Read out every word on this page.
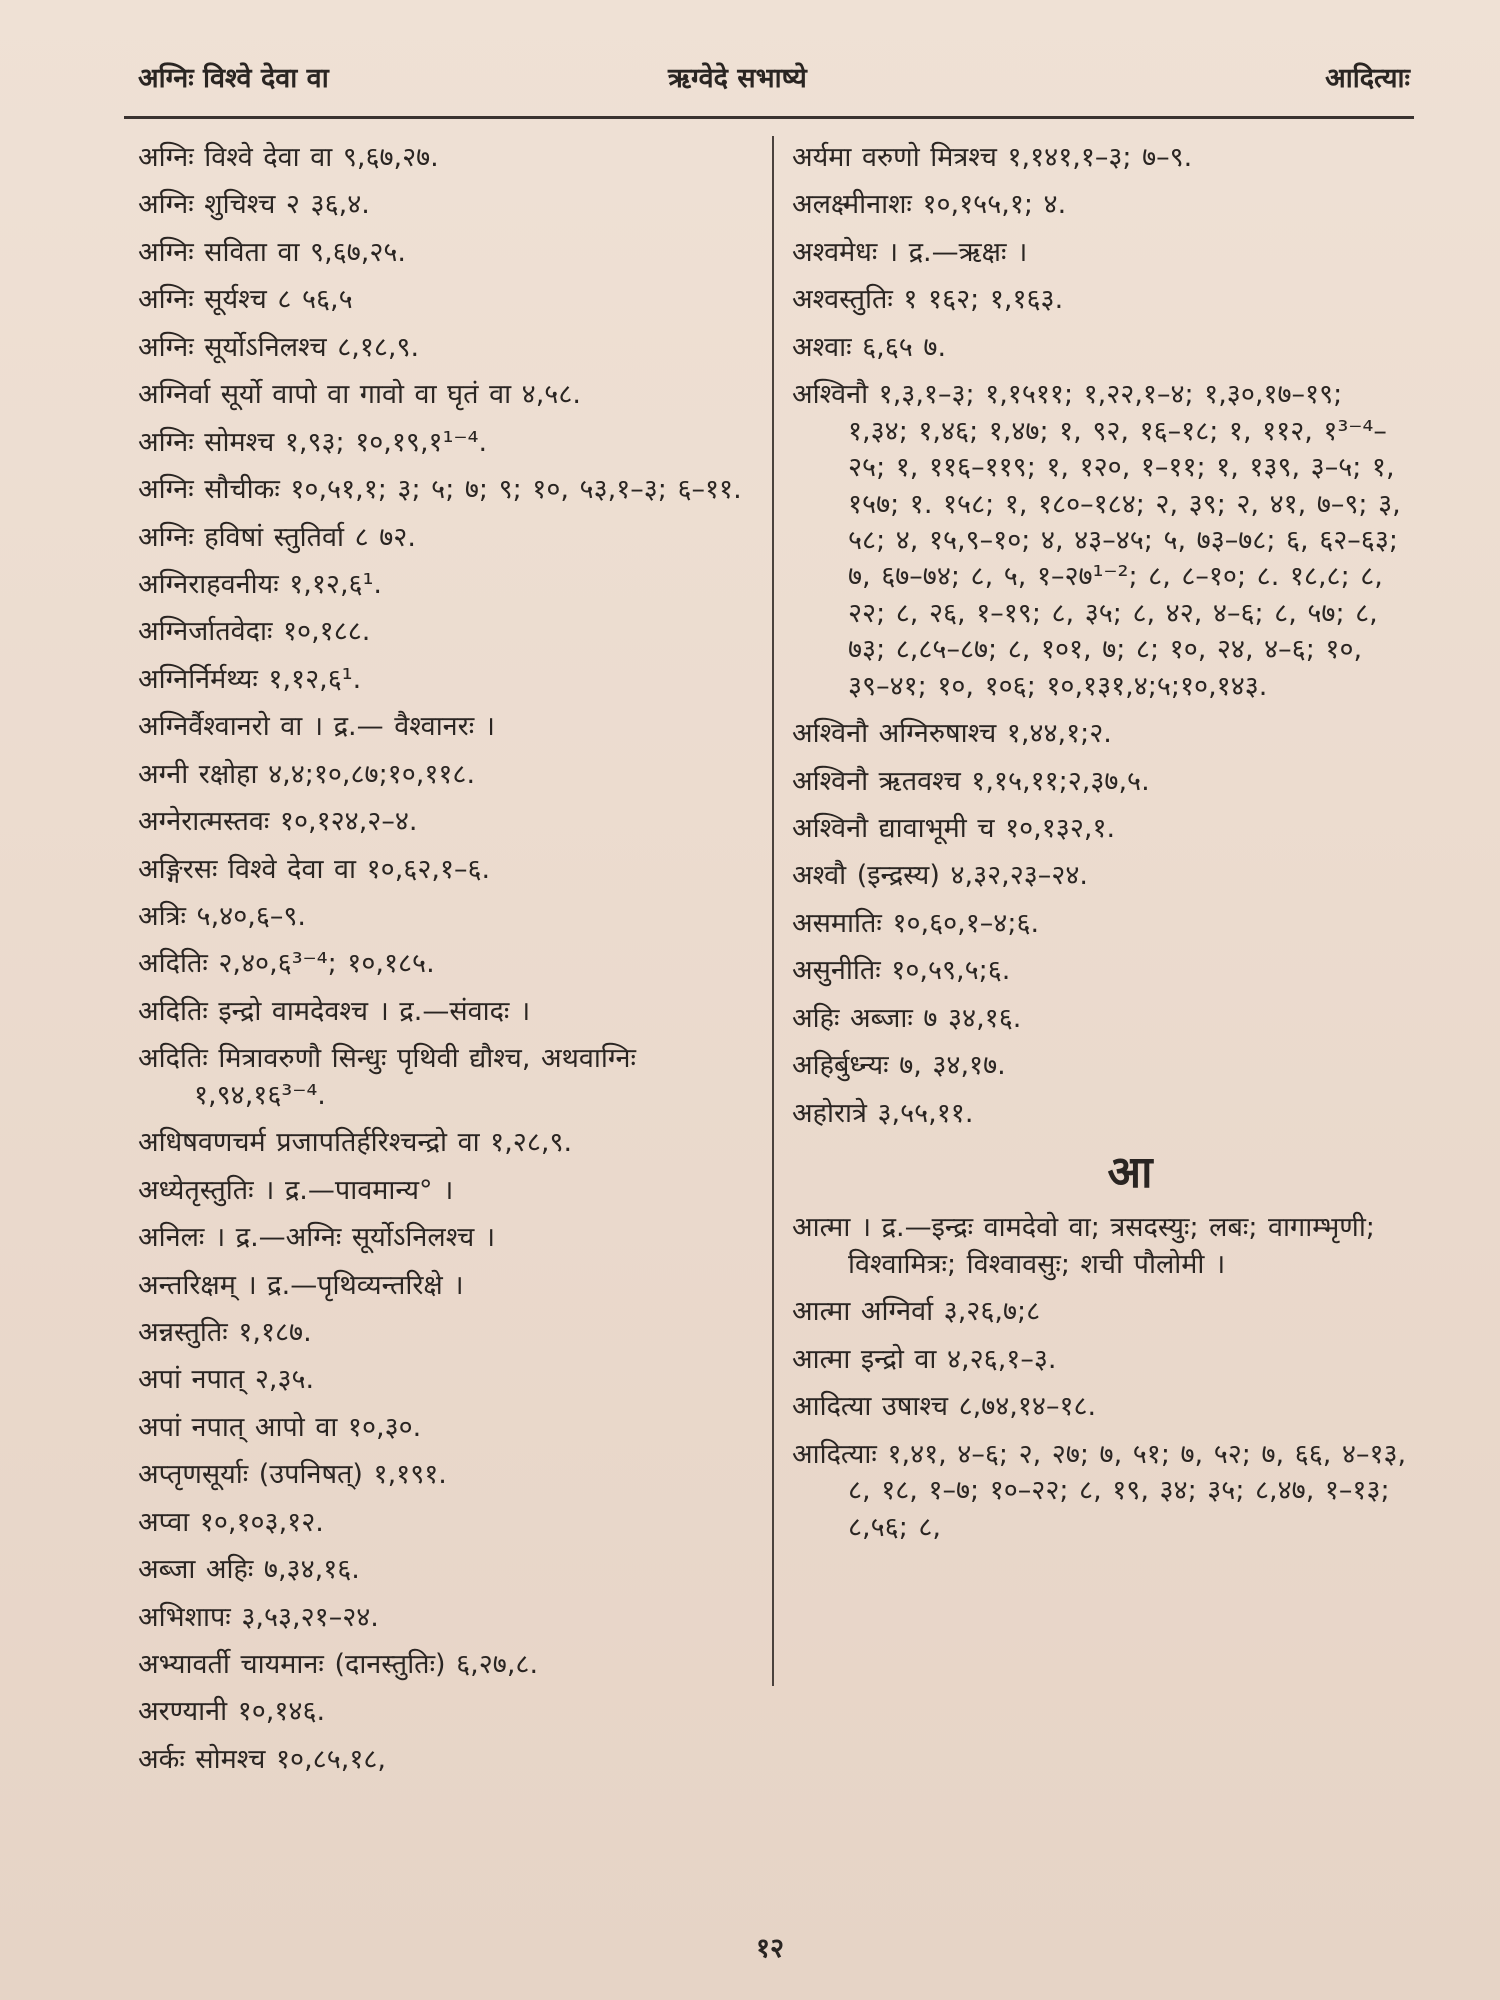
अग्निः विश्वे देवा वा	ऋग्वेदे सभाष्ये	आदित्याः
अग्निः विश्वे देवा वा ९,६७,२७.
अग्निः शुचिश्च २ ३६,४.
अग्निः सविता वा ९,६७,२५.
अग्निः सूर्यश्च ८ ५६,५
अग्निः सूर्योऽनिलश्च ८,१८,९.
अग्निर्वा सूर्यो वापो वा गावो वा घृतं वा ४,५८.
अग्निः सोमश्च १,९३; १०,१९,१¹⁻⁴.
अग्निः सौचीकः १०,५१,१; ३; ५; ७; ९; १०, ५३,१–३; ६–११.
अग्निः हविषां स्तुतिर्वा ८ ७२.
अग्निराहवनीयः १,१२,६¹.
अग्निर्जातवेदाः १०,१८८.
अग्निर्निर्मथ्यः १,१२,६¹.
अग्निर्वैश्वानरो वा । द्र.— वैश्वानरः ।
अग्नी रक्षोहा ४,४;१०,८७;१०,११८.
अग्नेरात्मस्तवः १०,१२४,२–४.
अङ्गिरसः विश्वे देवा वा १०,६२,१–६.
अत्रिः ५,४०,६–९.
अदितिः २,४०,६³⁻⁴; १०,१८५.
अदितिः इन्द्रो वामदेवश्च । द्र.—संवादः ।
अदितिः मित्रावरुणौ सिन्धुः पृथिवी द्यौश्च, अथवाग्निः १,९४,१६³⁻⁴.
अधिषवणचर्म प्रजापतिर्हरिश्चन्द्रो वा १,२८,९.
अध्येतृस्तुतिः । द्र.—पावमान्य° ।
अनिलः । द्र.—अग्निः सूर्योऽनिलश्च ।
अन्तरिक्षम् । द्र.—पृथिव्यन्तरिक्षे ।
अन्नस्तुतिः १,१८७.
अपां नपात् २,३५.
अपां नपात् आपो वा १०,३०.
अप्तृणसूर्याः (उपनिषत्) १,१९१.
अप्वा १०,१०३,१२.
अब्जा अहिः ७,३४,१६.
अभिशापः ३,५३,२१–२४.
अभ्यावर्ती चायमानः (दानस्तुतिः) ६,२७,८.
अरण्यानी १०,१४६.
अर्कः सोमश्च १०,८५,१८,
अर्यमा वरुणो मित्रश्च १,१४१,१–३; ७–९.
अलक्ष्मीनाशः १०,१५५,१; ४.
अश्वमेधः । द्र.—ऋक्षः ।
अश्वस्तुतिः १ १६२; १,१६३.
अश्वाः ६,६५ ७.
अश्विनौ १,३,१–३; १,१५११; १,२२,१–४; १,३०,१७–१९; १,३४; १,४६; १,४७; १, ९२, १६–१८; १, ११२, १³⁻⁴–२५; १, ११६–११९; १, १२०, १–११; १, १३९, ३–५; १, १५७; १. १५८; १, १८०–१८४; २, ३९; २, ४१, ७–९; ३, ५८; ४, १५,९–१०; ४, ४३–४५; ५, ७३–७८; ६, ६२–६३; ७, ६७–७४; ८, ५, १–२७¹⁻²; ८, ८–१०; ८. १८,८; ८, २२; ८, २६, १–१९; ८, ३५; ८, ४२, ४–६; ८, ५७; ८, ७३; ८,८५–८७; ८, १०१, ७; ८; १०, २४, ४–६; १०, ३९–४१; १०, १०६; १०,१३१,४;५;१०,१४३.
अश्विनौ अग्निरुषाश्च १,४४,१;२.
अश्विनौ ऋतवश्च १,१५,११;२,३७,५.
अश्विनौ द्यावाभूमी च १०,१३२,१.
अश्वौ (इन्द्रस्य) ४,३२,२३–२४.
असमातिः १०,६०,१–४;६.
असुनीतिः १०,५९,५;६.
अहिः अब्जाः ७ ३४,१६.
अहिर्बुध्न्यः ७, ३४,१७.
अहोरात्रे ३,५५,११.
आ
आत्मा । द्र.—इन्द्रः वामदेवो वा; त्रसदस्युः; लबः; वागाम्भृणी; विश्वामित्रः; विश्वावसुः; शची पौलोमी ।
आत्मा अग्निर्वा ३,२६,७;८
आत्मा इन्द्रो वा ४,२६,१–३.
आदित्या उषाश्च ८,७४,१४–१८.
आदित्याः १,४१, ४–६; २, २७; ७, ५१; ७, ५२; ७, ६६, ४–१३, ८, १८, १–७; १०–२२; ८, १९, ३४; ३५; ८,४७, १–१३; ८,५६; ८,
१२
